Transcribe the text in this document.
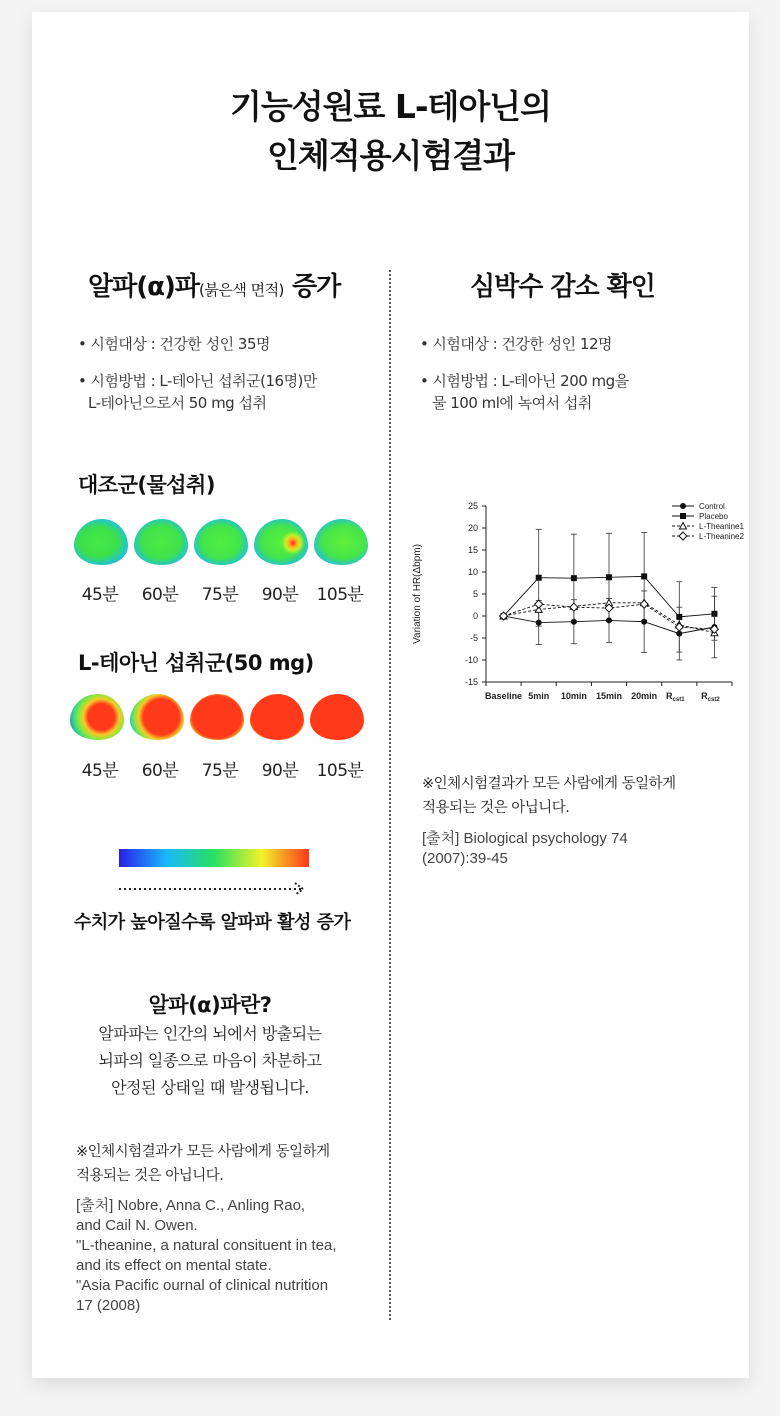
기능성원료 L-테아닌의
인체적용시험결과
알파(α)파(붉은색 면적) 증가
• 시험대상 : 건강한 성인 35명
• 시험방법 : L-테아닌 섭취군(16명)만
L-테아닌으로서 50 mg 섭취
대조군(물섭취)
45분	60분	75분	90분	105분
L-테아닌 섭취군(50 mg)
45분	60분	75분	90분	105분
수치가 높아질수록 알파파 활성 증가
알파(α)파란?
알파파는 인간의 뇌에서 방출되는
뇌파의 일종으로 마음이 차분하고
안정된 상태일 때 발생됩니다.
※인체시험결과가 모든 사람에게 동일하게
적용되는 것은 아닙니다.
[출처] Nobre, Anna C., Anling Rao,
and Cail N. Owen.
"L-theanine, a natural consituent in tea,
and its effect on mental state.
"Asia Pacific ournal of clinical nutrition
17 (2008)
심박수 감소 확인
• 시험대상 : 건강한 성인 12명
• 시험방법 : L-테아닌 200 mg을
물 100 ml에 녹여서 섭취
25
20
15
10
5
0
-5
-10
-15
Baseline 5min 10min 15min 20min $R_{cst1}$ $R_{cst2}$
Variation of HR(Δbpm)
Control
Placebo
L-Theanine1
L-Theanine2
※인체시험결과가 모든 사람에게 동일하게
적용되는 것은 아닙니다.
[출처] Biological psychology 74
(2007):39-45
